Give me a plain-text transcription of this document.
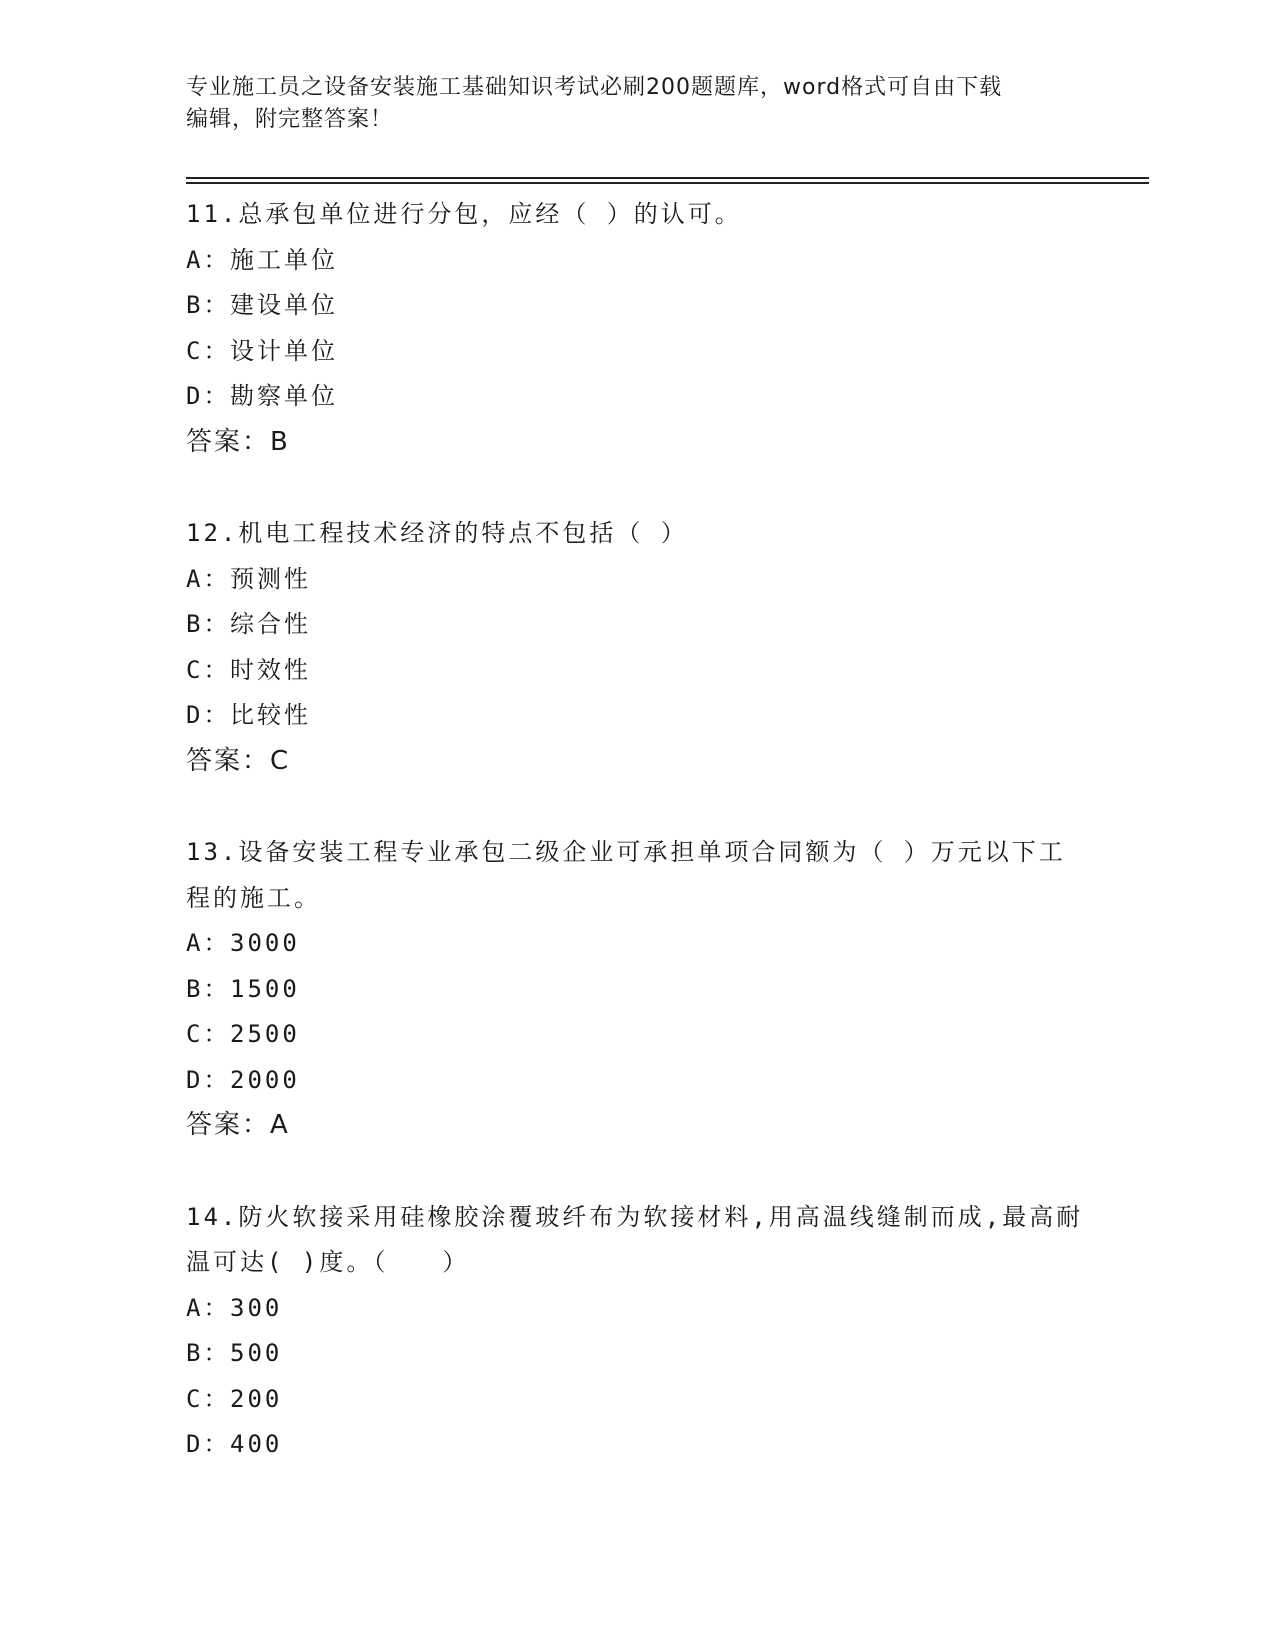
专业施工员之设备安装施工基础知识考试必刷200题题库，word格式可自由下载
编辑，附完整答案！
11.总承包单位进行分包，应经（ ）的认可。
A： 施工单位
B： 建设单位
C： 设计单位
D： 勘察单位
答案：B
12.机电工程技术经济的特点不包括（ ）
A： 预测性
B： 综合性
C： 时效性
D： 比较性
答案：C
13.设备安装工程专业承包二级企业可承担单项合同额为（ ）万元以下工程的施工。
A： 3000
B： 1500
C： 2500
D： 2000
答案：A
14.防火软接采用硅橡胶涂覆玻纤布为软接材料,用高温线缝制而成,最高耐温可达( )度。（　　）
A： 300
B： 500
C： 200
D： 400
